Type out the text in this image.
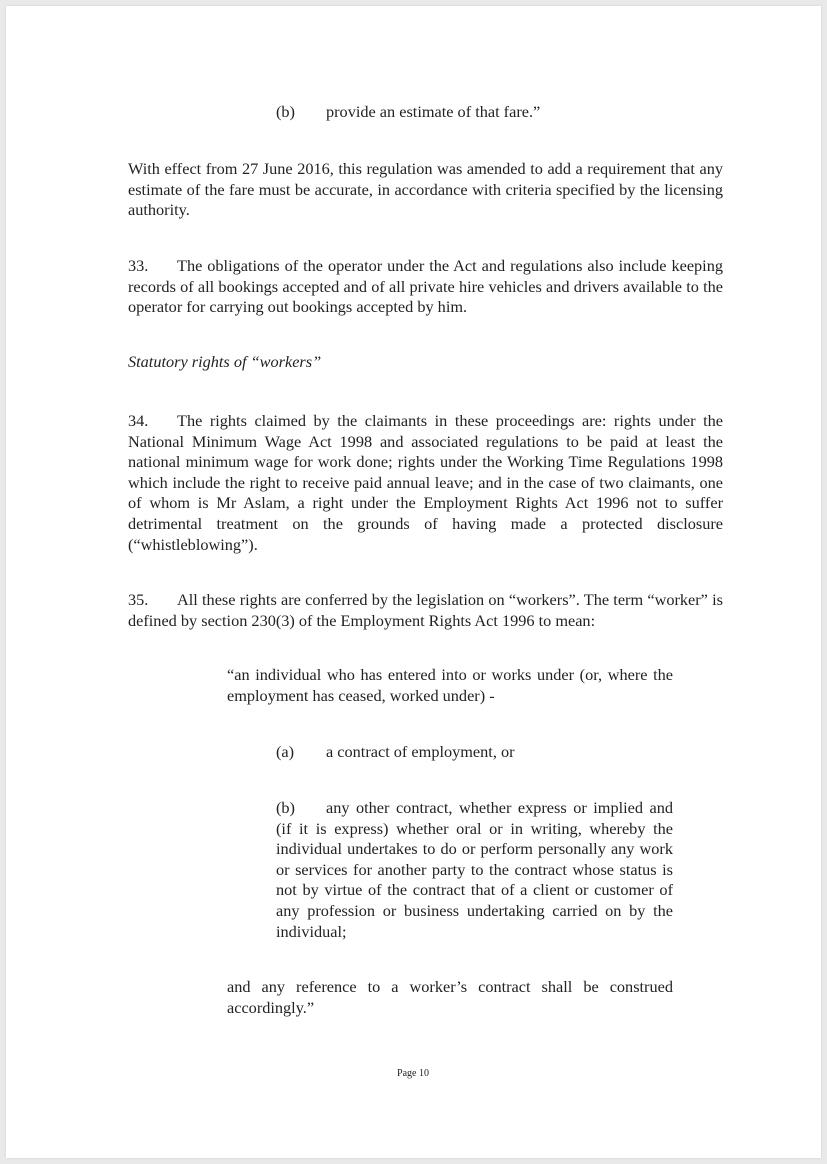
(b) provide an estimate of that fare.”

With effect from 27 June 2016, this regulation was amended to add a requirement that any estimate of the fare must be accurate, in accordance with criteria specified by the licensing authority.

33. The obligations of the operator under the Act and regulations also include keeping records of all bookings accepted and of all private hire vehicles and drivers available to the operator for carrying out bookings accepted by him.

Statutory rights of “workers”

34. The rights claimed by the claimants in these proceedings are: rights under the National Minimum Wage Act 1998 and associated regulations to be paid at least the national minimum wage for work done; rights under the Working Time Regulations 1998 which include the right to receive paid annual leave; and in the case of two claimants, one of whom is Mr Aslam, a right under the Employment Rights Act 1996 not to suffer detrimental treatment on the grounds of having made a protected disclosure (“whistleblowing”).

35. All these rights are conferred by the legislation on “workers”. The term “worker” is defined by section 230(3) of the Employment Rights Act 1996 to mean:

“an individual who has entered into or works under (or, where the employment has ceased, worked under) -

(a) a contract of employment, or

(b) any other contract, whether express or implied and (if it is express) whether oral or in writing, whereby the individual undertakes to do or perform personally any work or services for another party to the contract whose status is not by virtue of the contract that of a client or customer of any profession or business undertaking carried on by the individual;

and any reference to a worker’s contract shall be construed accordingly.”

Page 10
